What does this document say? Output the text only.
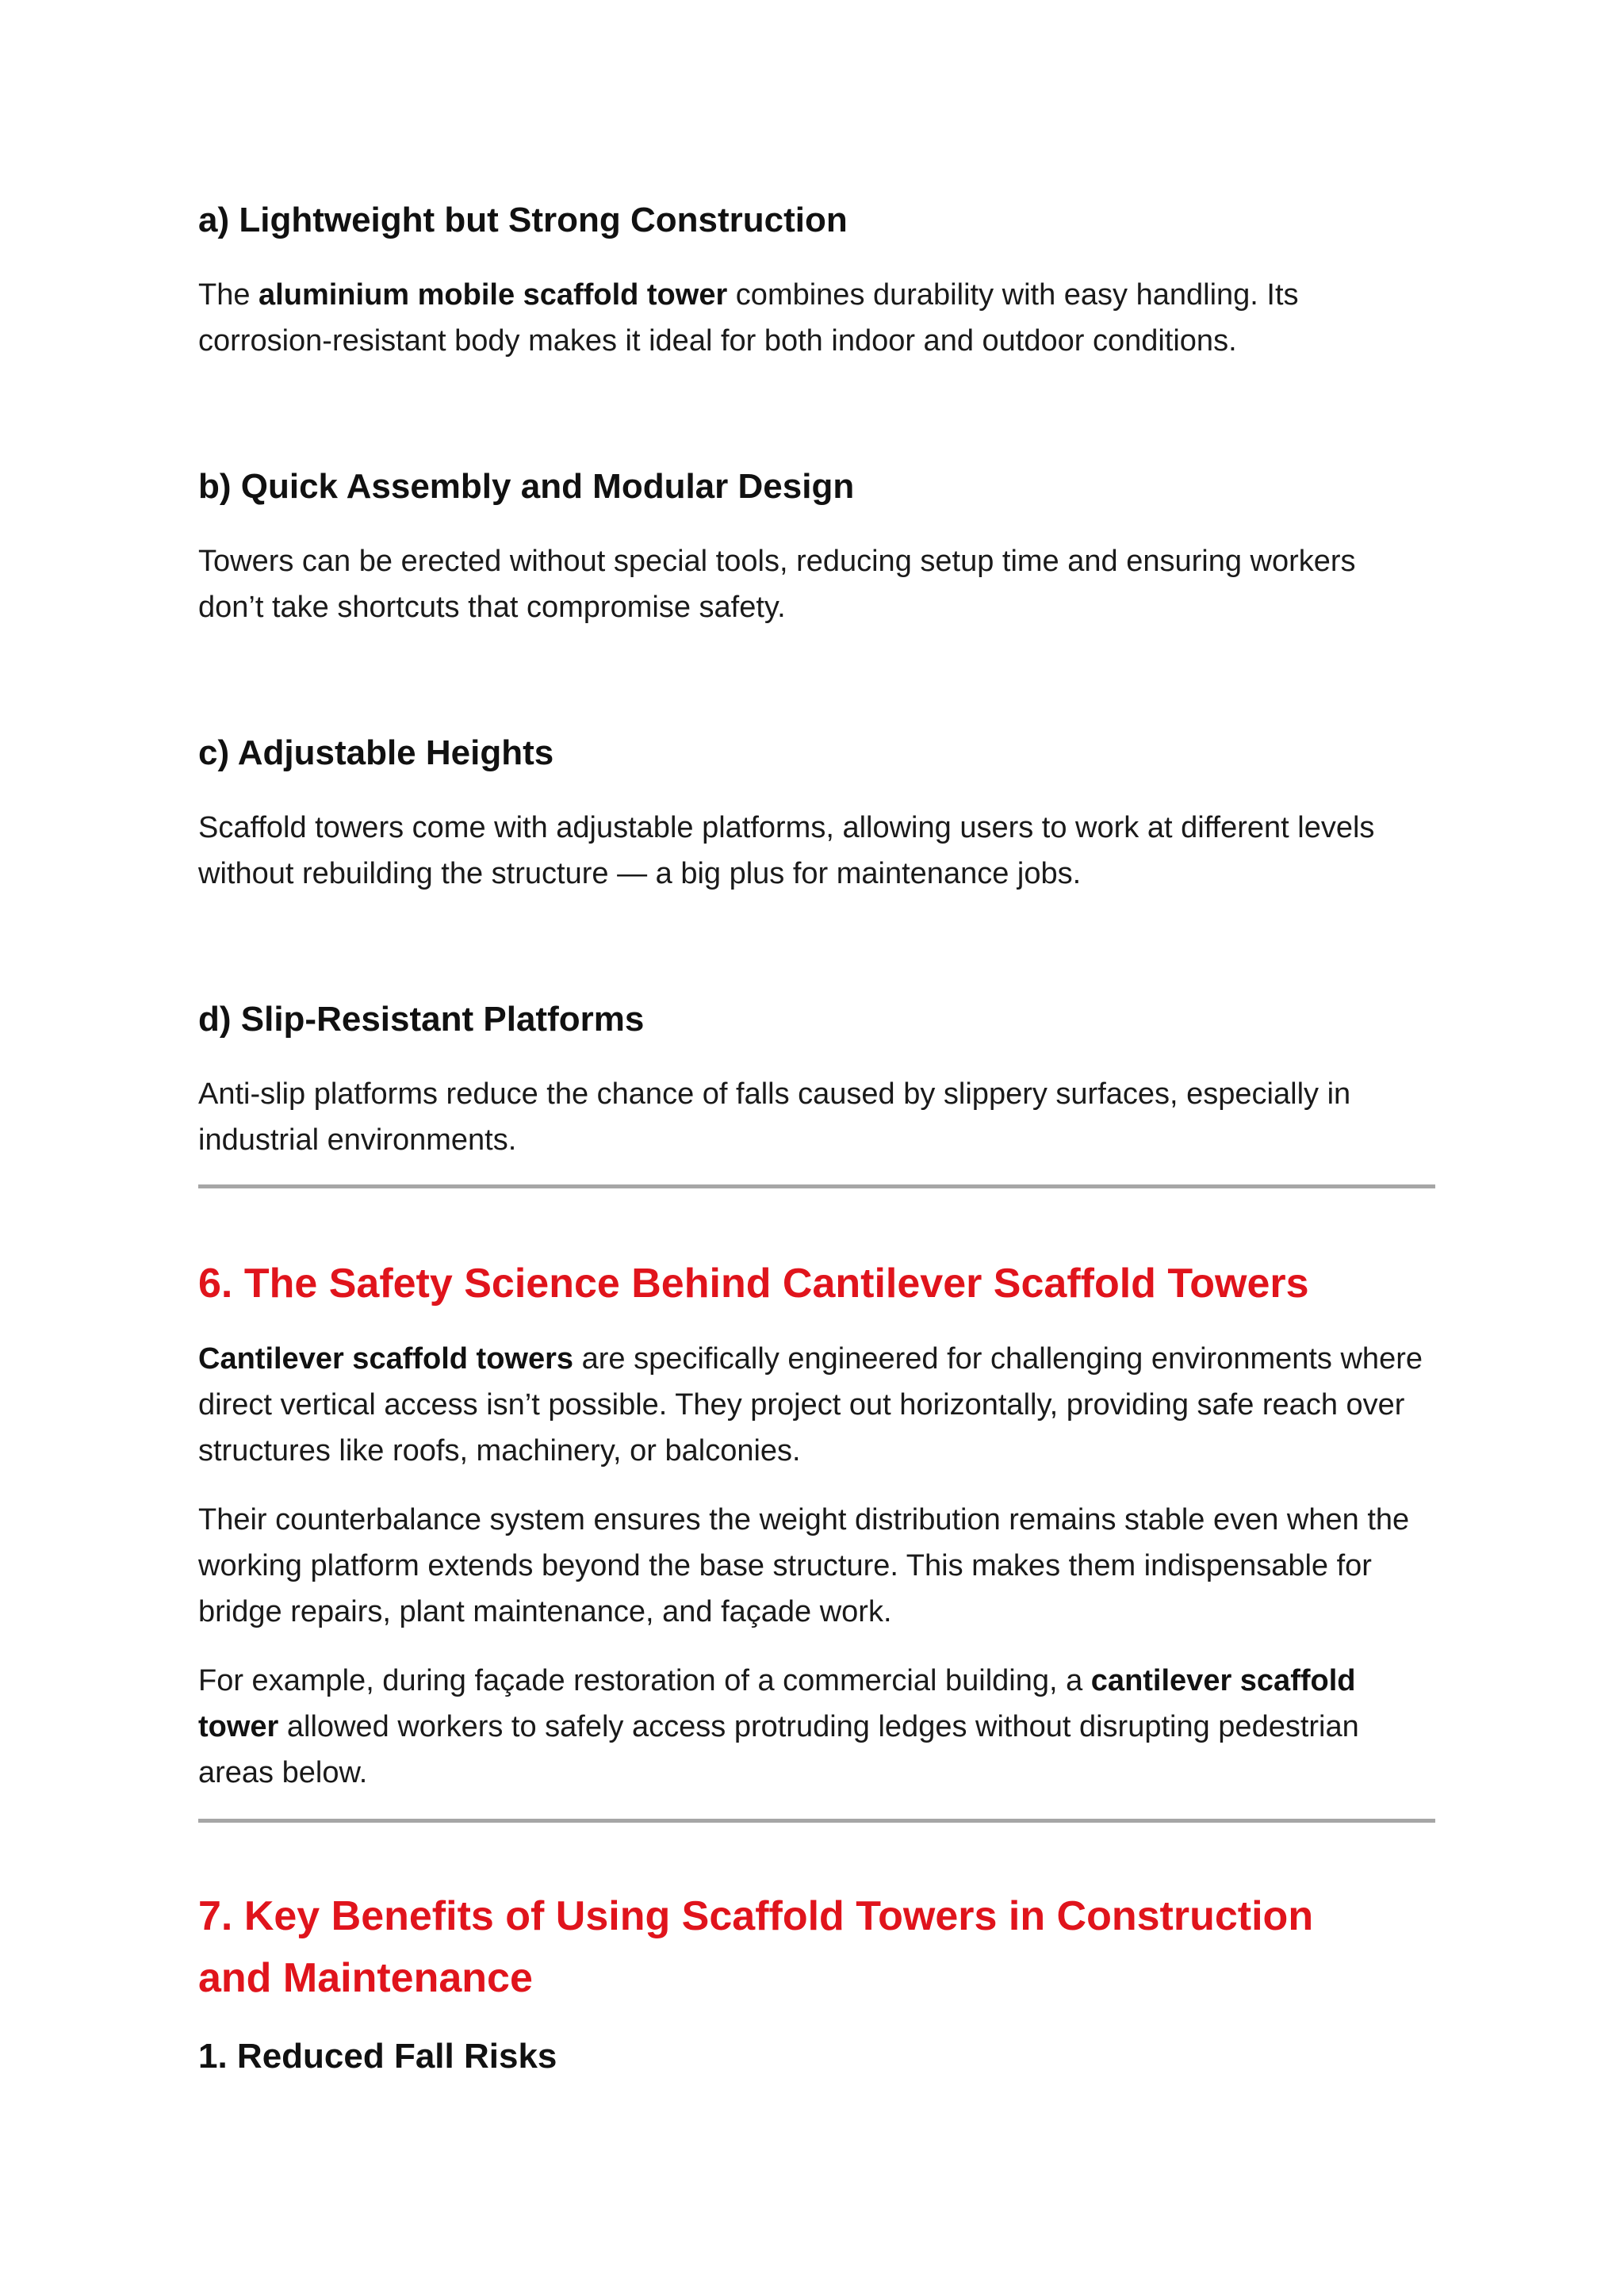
a) Lightweight but Strong Construction

The aluminium mobile scaffold tower combines durability with easy handling. Its corrosion-resistant body makes it ideal for both indoor and outdoor conditions.

b) Quick Assembly and Modular Design

Towers can be erected without special tools, reducing setup time and ensuring workers don’t take shortcuts that compromise safety.

c) Adjustable Heights

Scaffold towers come with adjustable platforms, allowing users to work at different levels without rebuilding the structure — a big plus for maintenance jobs.

d) Slip-Resistant Platforms

Anti-slip platforms reduce the chance of falls caused by slippery surfaces, especially in industrial environments.

6. The Safety Science Behind Cantilever Scaffold Towers

Cantilever scaffold towers are specifically engineered for challenging environments where direct vertical access isn’t possible. They project out horizontally, providing safe reach over structures like roofs, machinery, or balconies.

Their counterbalance system ensures the weight distribution remains stable even when the working platform extends beyond the base structure. This makes them indispensable for bridge repairs, plant maintenance, and façade work.

For example, during façade restoration of a commercial building, a cantilever scaffold tower allowed workers to safely access protruding ledges without disrupting pedestrian areas below.

7. Key Benefits of Using Scaffold Towers in Construction and Maintenance
1. Reduced Fall Risks
